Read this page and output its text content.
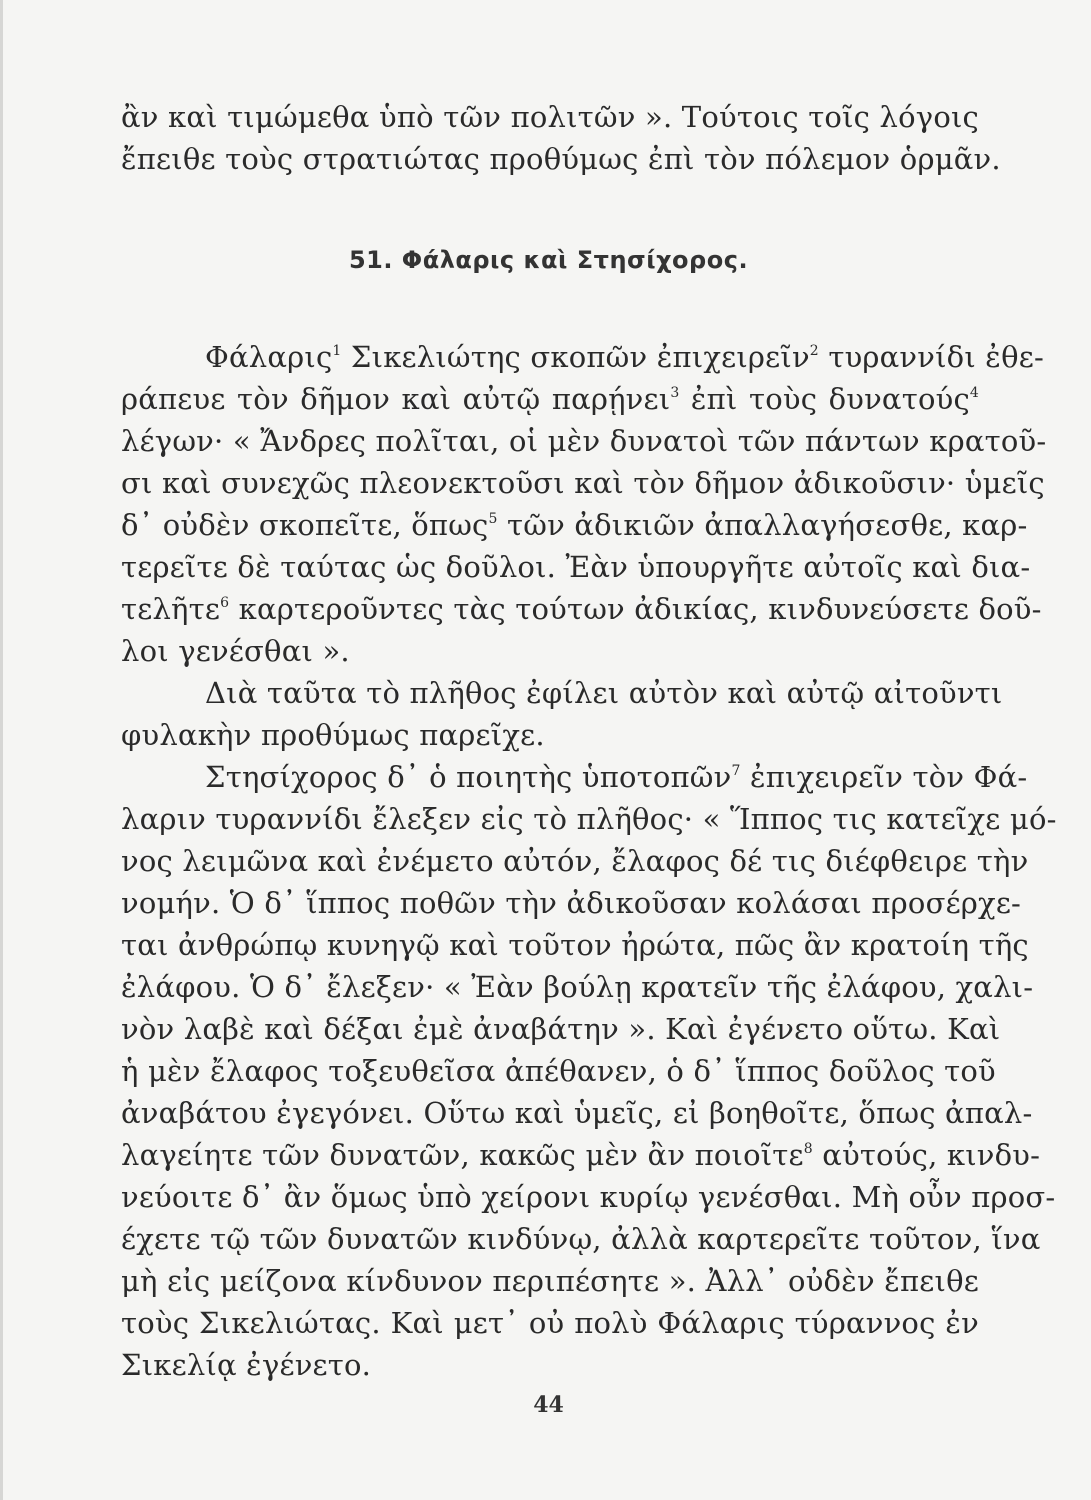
ἂν καὶ τιμώμεθα ὑπὸ τῶν πολιτῶν ». Τούτοις τοῖς λόγοις
ἔπειθε τοὺς στρατιώτας προθύμως ἐπὶ τὸν πόλεμον ὁρμᾶν.
51. Φάλαρις καὶ Στησίχορος.
Φάλαρις$^1$ Σικελιώτης σκοπῶν ἐπιχειρεῖν$^2$ τυραννίδι ἐθε-
ράπευε τὸν δῆμον καὶ αὐτῷ παρῄνει$^3$ ἐπὶ τοὺς δυνατούς$^4$
λέγων· « Ἄνδρες πολῖται, οἱ μὲν δυνατοὶ τῶν πάντων κρατοῦ-
σι καὶ συνεχῶς πλεονεκτοῦσι καὶ τὸν δῆμον ἀδικοῦσιν· ὑμεῖς
δ᾽ οὐδὲν σκοπεῖτε, ὅπως$^5$ τῶν ἀδικιῶν ἀπαλλαγήσεσθε, καρ-
τερεῖτε δὲ ταύτας ὡς δοῦλοι. Ἐὰν ὑπουργῆτε αὐτοῖς καὶ δια-
τελῆτε$^6$ καρτεροῦντες τὰς τούτων ἀδικίας, κινδυνεύσετε δοῦ-
λοι γενέσθαι ».
Διὰ ταῦτα τὸ πλῆθος ἐφίλει αὐτὸν καὶ αὐτῷ αἰτοῦντι
φυλακὴν προθύμως παρεῖχε.
Στησίχορος δ᾽ ὁ ποιητὴς ὑποτοπῶν$^7$ ἐπιχειρεῖν τὸν Φά-
λαριν τυραννίδι ἔλεξεν εἰς τὸ πλῆθος· « Ἵππος τις κατεῖχε μό-
νος λειμῶνα καὶ ἐνέμετο αὐτόν, ἔλαφος δέ τις διέφθειρε τὴν
νομήν. Ὁ δ᾽ ἵππος ποθῶν τὴν ἀδικοῦσαν κολάσαι προσέρχε-
ται ἀνθρώπῳ κυνηγῷ καὶ τοῦτον ἠρώτα, πῶς ἂν κρατοίη τῆς
ἐλάφου. Ὁ δ᾽ ἔλεξεν· « Ἐὰν βούλῃ κρατεῖν τῆς ἐλάφου, χαλι-
νὸν λαβὲ καὶ δέξαι ἐμὲ ἀναβάτην ». Καὶ ἐγένετο οὕτω. Καὶ
ἡ μὲν ἔλαφος τοξευθεῖσα ἀπέθανεν, ὁ δ᾽ ἵππος δοῦλος τοῦ
ἀναβάτου ἐγεγόνει. Οὕτω καὶ ὑμεῖς, εἰ βοηθοῖτε, ὅπως ἀπαλ-
λαγείητε τῶν δυνατῶν, κακῶς μὲν ἂν ποιοῖτε$^8$ αὐτούς, κινδυ-
νεύοιτε δ᾽ ἂν ὅμως ὑπὸ χείρονι κυρίῳ γενέσθαι. Μὴ οὖν προσ-
έχετε τῷ τῶν δυνατῶν κινδύνῳ, ἀλλὰ καρτερεῖτε τοῦτον, ἵνα
μὴ εἰς μείζονα κίνδυνον περιπέσητε ». Ἀλλ᾽ οὐδὲν ἔπειθε
τοὺς Σικελιώτας. Καὶ μετ᾽ οὐ πολὺ Φάλαρις τύραννος ἐν
Σικελίᾳ ἐγένετο.
44
